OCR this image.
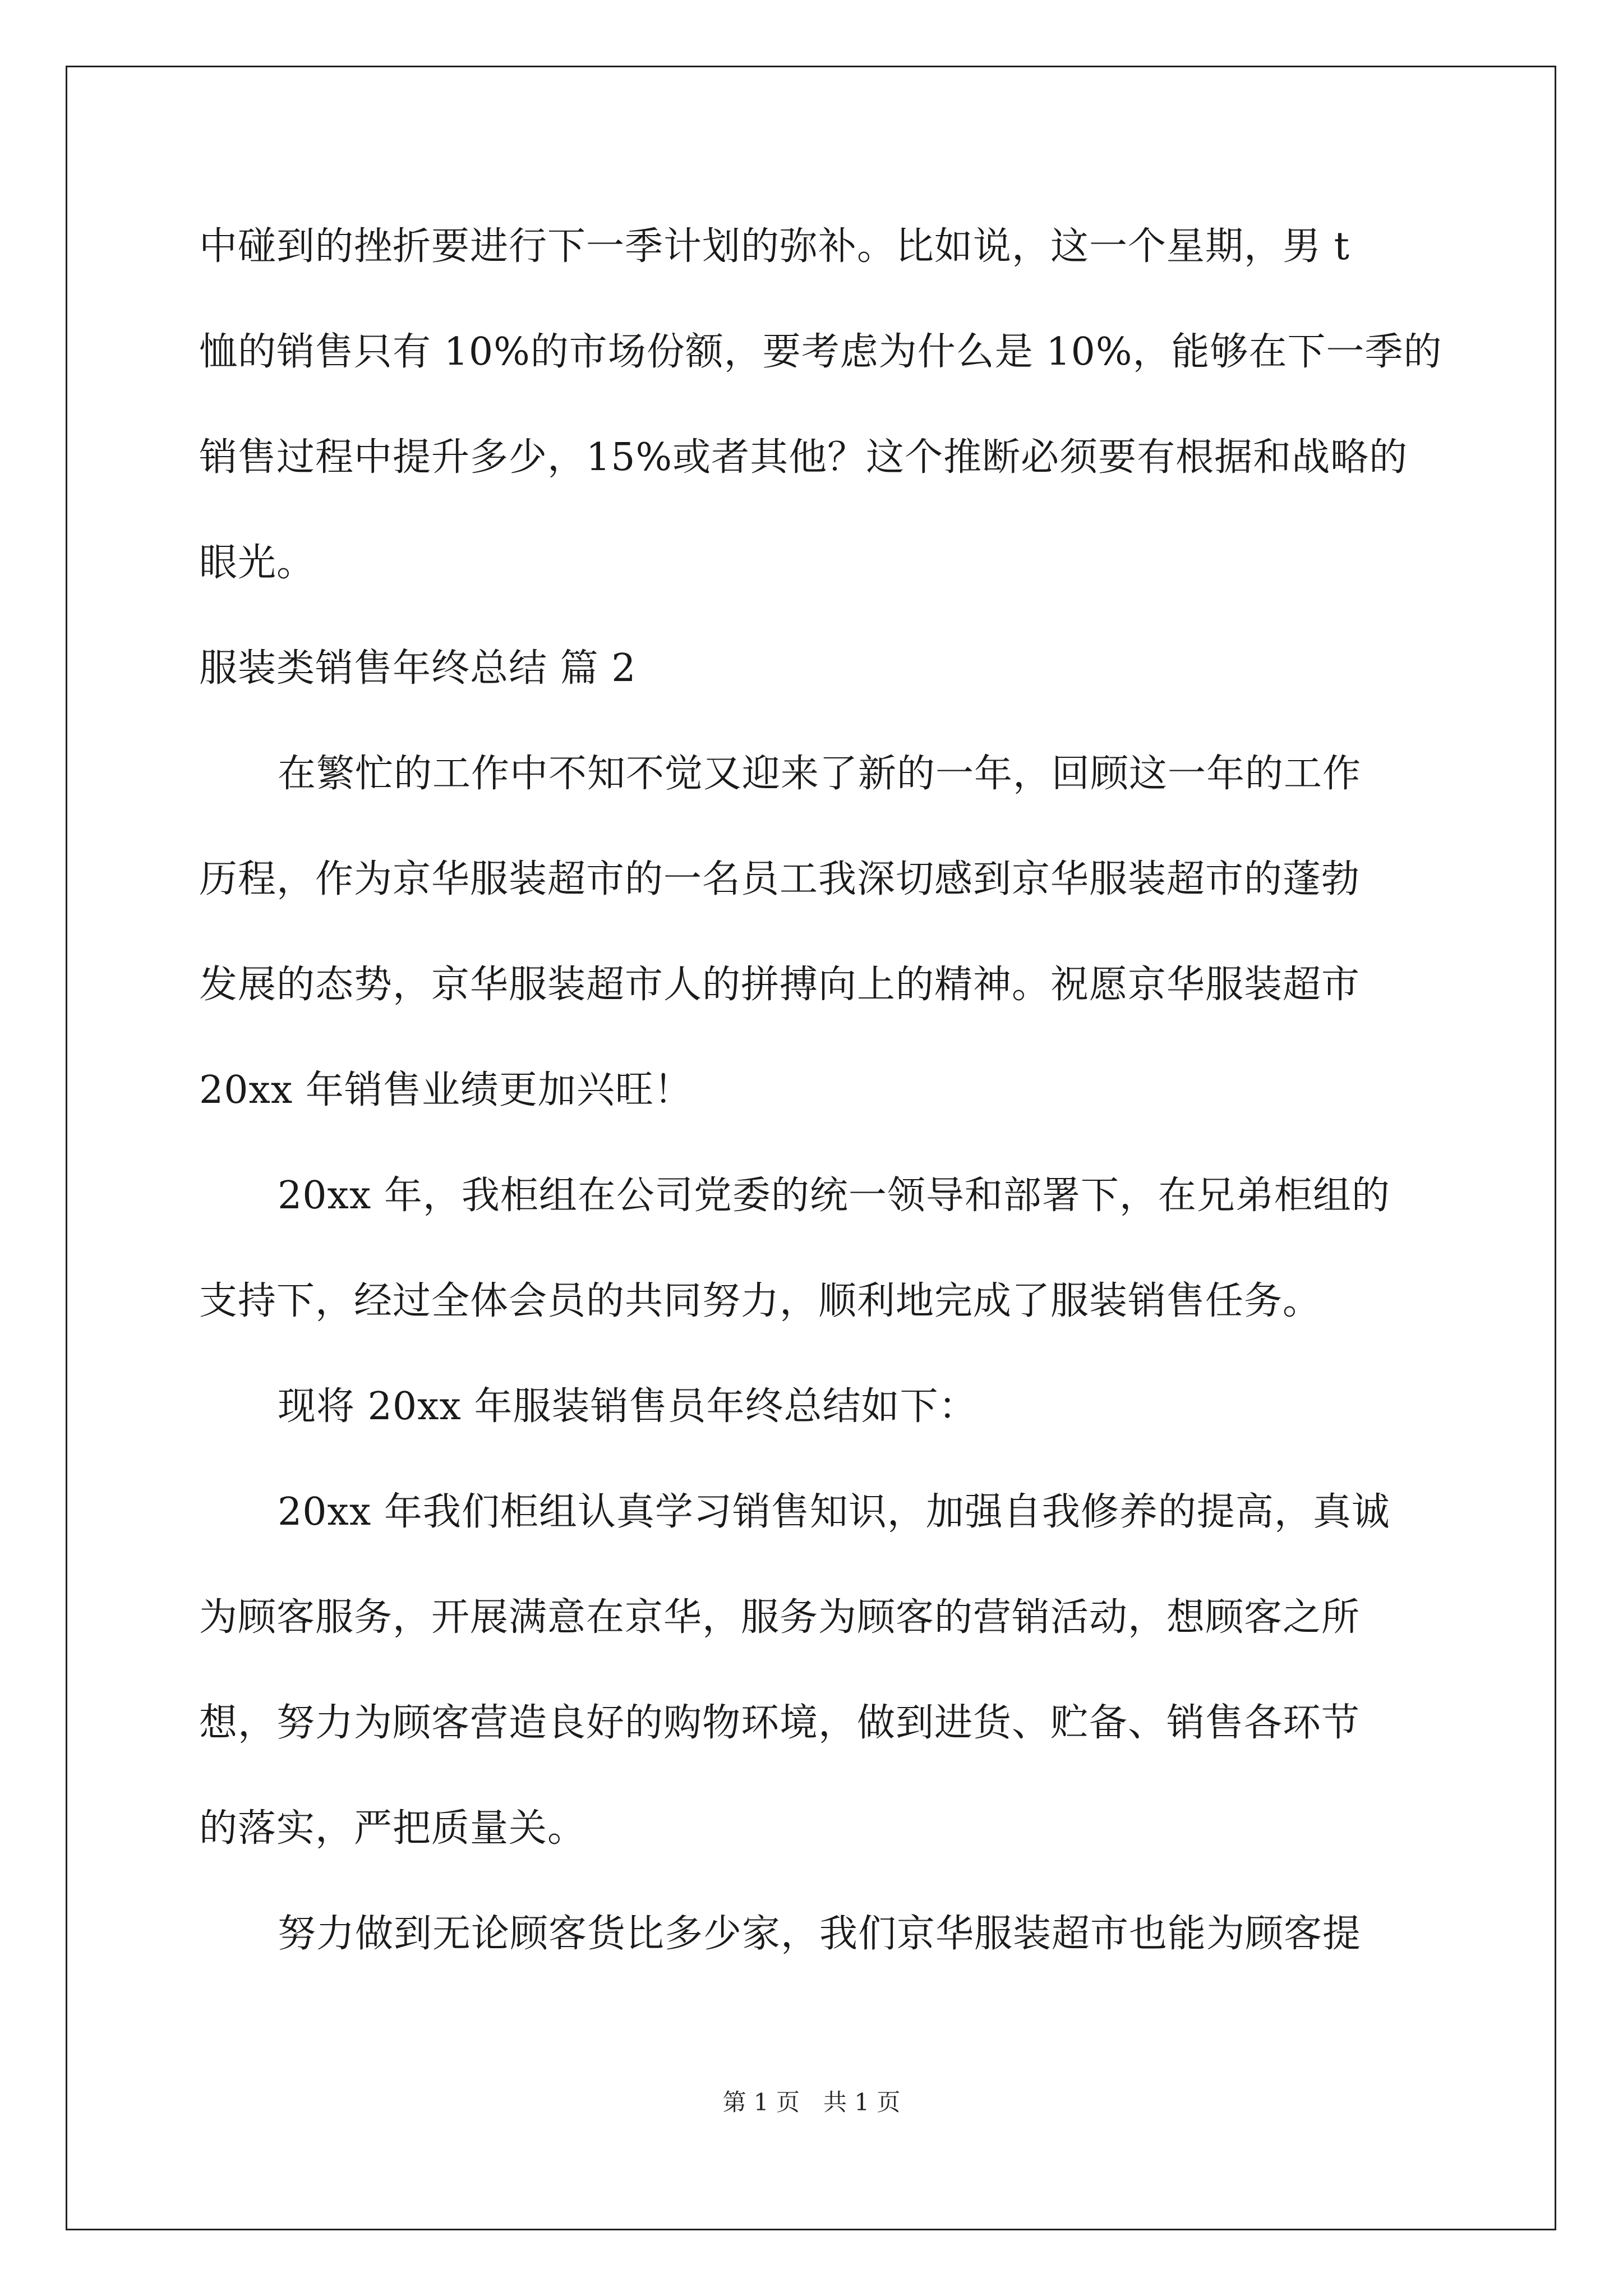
中碰到的挫折要进行下一季计划的弥补。比如说，这一个星期，男 t
恤的销售只有 10%的市场份额，要考虑为什么是 10%，能够在下一季的
销售过程中提升多少，15%或者其他？这个推断必须要有根据和战略的
眼光。
服装类销售年终总结 篇 2
在繁忙的工作中不知不觉又迎来了新的一年，回顾这一年的工作
历程，作为京华服装超市的一名员工我深切感到京华服装超市的蓬勃
发展的态势，京华服装超市人的拼搏向上的精神。祝愿京华服装超市
20xx 年销售业绩更加兴旺！
20xx 年，我柜组在公司党委的统一领导和部署下，在兄弟柜组的
支持下，经过全体会员的共同努力，顺利地完成了服装销售任务。
现将 20xx 年服装销售员年终总结如下：
20xx 年我们柜组认真学习销售知识，加强自我修养的提高，真诚
为顾客服务，开展满意在京华，服务为顾客的营销活动，想顾客之所
想，努力为顾客营造良好的购物环境，做到进货、贮备、销售各环节
的落实，严把质量关。
努力做到无论顾客货比多少家，我们京华服装超市也能为顾客提
第 1 页　共 1 页
